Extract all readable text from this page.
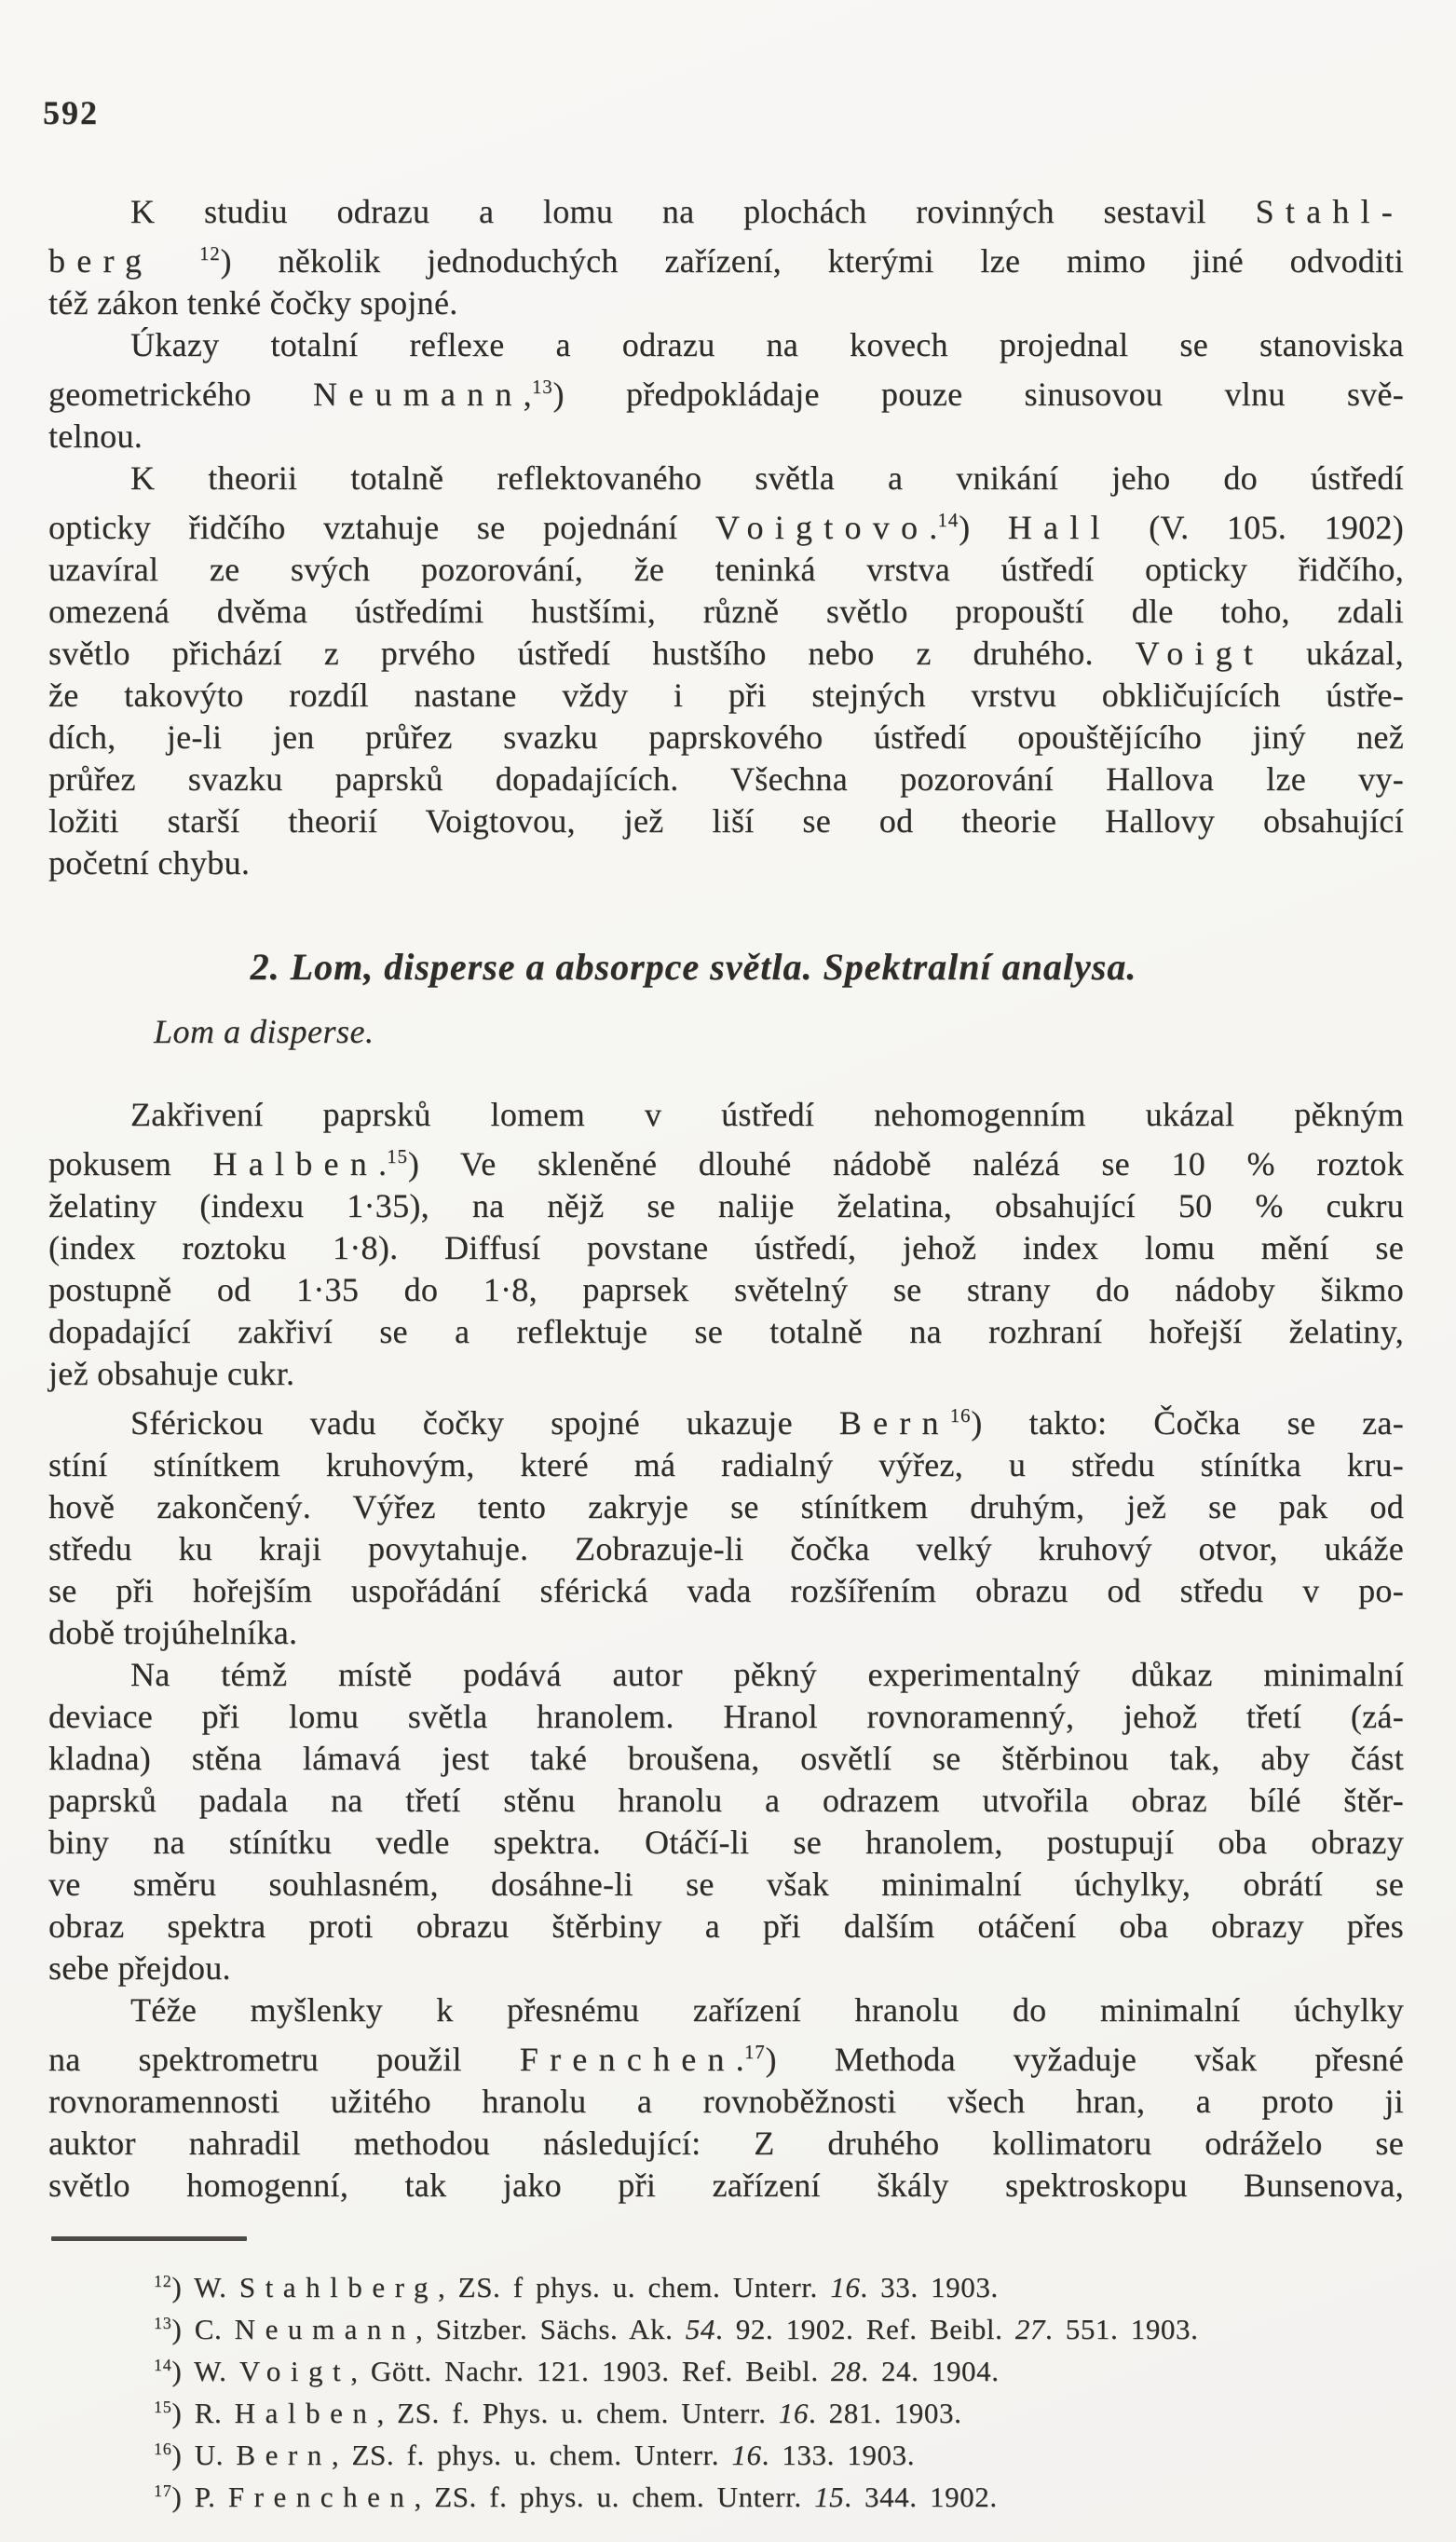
592
K studiu odrazu a lomu na plochách rovinných sestavil Stahl-
berg $^{12}$) několik jednoduchých zařízení, kterými lze mimo jiné odvoditi
též zákon tenké čočky spojné.
Úkazy totalní reflexe a odrazu na kovech projednal se stanoviska
geometrického Neumann,$^{13}$) předpokládaje pouze sinusovou vlnu svě-
telnou.
K theorii totalně reflektovaného světla a vnikání jeho do ústředí
opticky řidčího vztahuje se pojednání Voigtovo.$^{14}$) Hall (V. 105. 1902)
uzavíral ze svých pozorování, že teninká vrstva ústředí opticky řidčího,
omezená dvěma ústředími hustšími, různě světlo propouští dle toho, zdali
světlo přichází z prvého ústředí hustšího nebo z druhého. Voigt ukázal,
že takovýto rozdíl nastane vždy i při stejných vrstvu obkličujících ústře-
dích, je-li jen průřez svazku paprskového ústředí opouštějícího jiný než
průřez svazku paprsků dopadajících. Všechna pozorování Hallova lze vy-
ložiti starší theorií Voigtovou, jež liší se od theorie Hallovy obsahující
početní chybu.
2. Lom, disperse a absorpce světla. Spektralní analysa.
Lom a disperse.
Zakřivení paprsků lomem v ústředí nehomogenním ukázal pěkným
pokusem Halben.$^{15}$) Ve skleněné dlouhé nádobě nalézá se 10 % roztok
želatiny (indexu 1·35), na nějž se nalije želatina, obsahující 50 % cukru
(index roztoku 1·8). Diffusí povstane ústředí, jehož index lomu mění se
postupně od 1·35 do 1·8, paprsek světelný se strany do nádoby šikmo
dopadající zakřiví se a reflektuje se totalně na rozhraní hořejší želatiny,
jež obsahuje cukr.
Sférickou vadu čočky spojné ukazuje Bern$^{16}$) takto: Čočka se za-
stíní stínítkem kruhovým, které má radialný výřez, u středu stínítka kru-
hově zakončený. Výřez tento zakryje se stínítkem druhým, jež se pak od
středu ku kraji povytahuje. Zobrazuje-li čočka velký kruhový otvor, ukáže
se při hořejším uspořádání sférická vada rozšířením obrazu od středu v po-
době trojúhelníka.
Na témž místě podává autor pěkný experimentalný důkaz minimalní
deviace při lomu světla hranolem. Hranol rovnoramenný, jehož třetí (zá-
kladna) stěna lámavá jest také broušena, osvětlí se štěrbinou tak, aby část
paprsků padala na třetí stěnu hranolu a odrazem utvořila obraz bílé štěr-
biny na stínítku vedle spektra. Otáčí-li se hranolem, postupují oba obrazy
ve směru souhlasném, dosáhne-li se však minimalní úchylky, obrátí se
obraz spektra proti obrazu štěrbiny a při dalším otáčení oba obrazy přes
sebe přejdou.
Téže myšlenky k přesnému zařízení hranolu do minimalní úchylky
na spektrometru použil Frenchen.$^{17}$) Methoda vyžaduje však přesné
rovnoramennosti užitého hranolu a rovnoběžnosti všech hran, a proto ji
auktor nahradil methodou následující: Z druhého kollimatoru odráželo se
světlo homogenní, tak jako při zařízení škály spektroskopu Bunsenova,
$^{12}$) W. Stahlberg, ZS. f phys. u. chem. Unterr. 16. 33. 1903.
$^{13}$) C. Neumann, Sitzber. Sächs. Ak. 54. 92. 1902. Ref. Beibl. 27. 551. 1903.
$^{14}$) W. Voigt, Gött. Nachr. 121. 1903. Ref. Beibl. 28. 24. 1904.
$^{15}$) R. Halben, ZS. f. Phys. u. chem. Unterr. 16. 281. 1903.
$^{16}$) U. Bern, ZS. f. phys. u. chem. Unterr. 16. 133. 1903.
$^{17}$) P. Frenchen, ZS. f. phys. u. chem. Unterr. 15. 344. 1902.
